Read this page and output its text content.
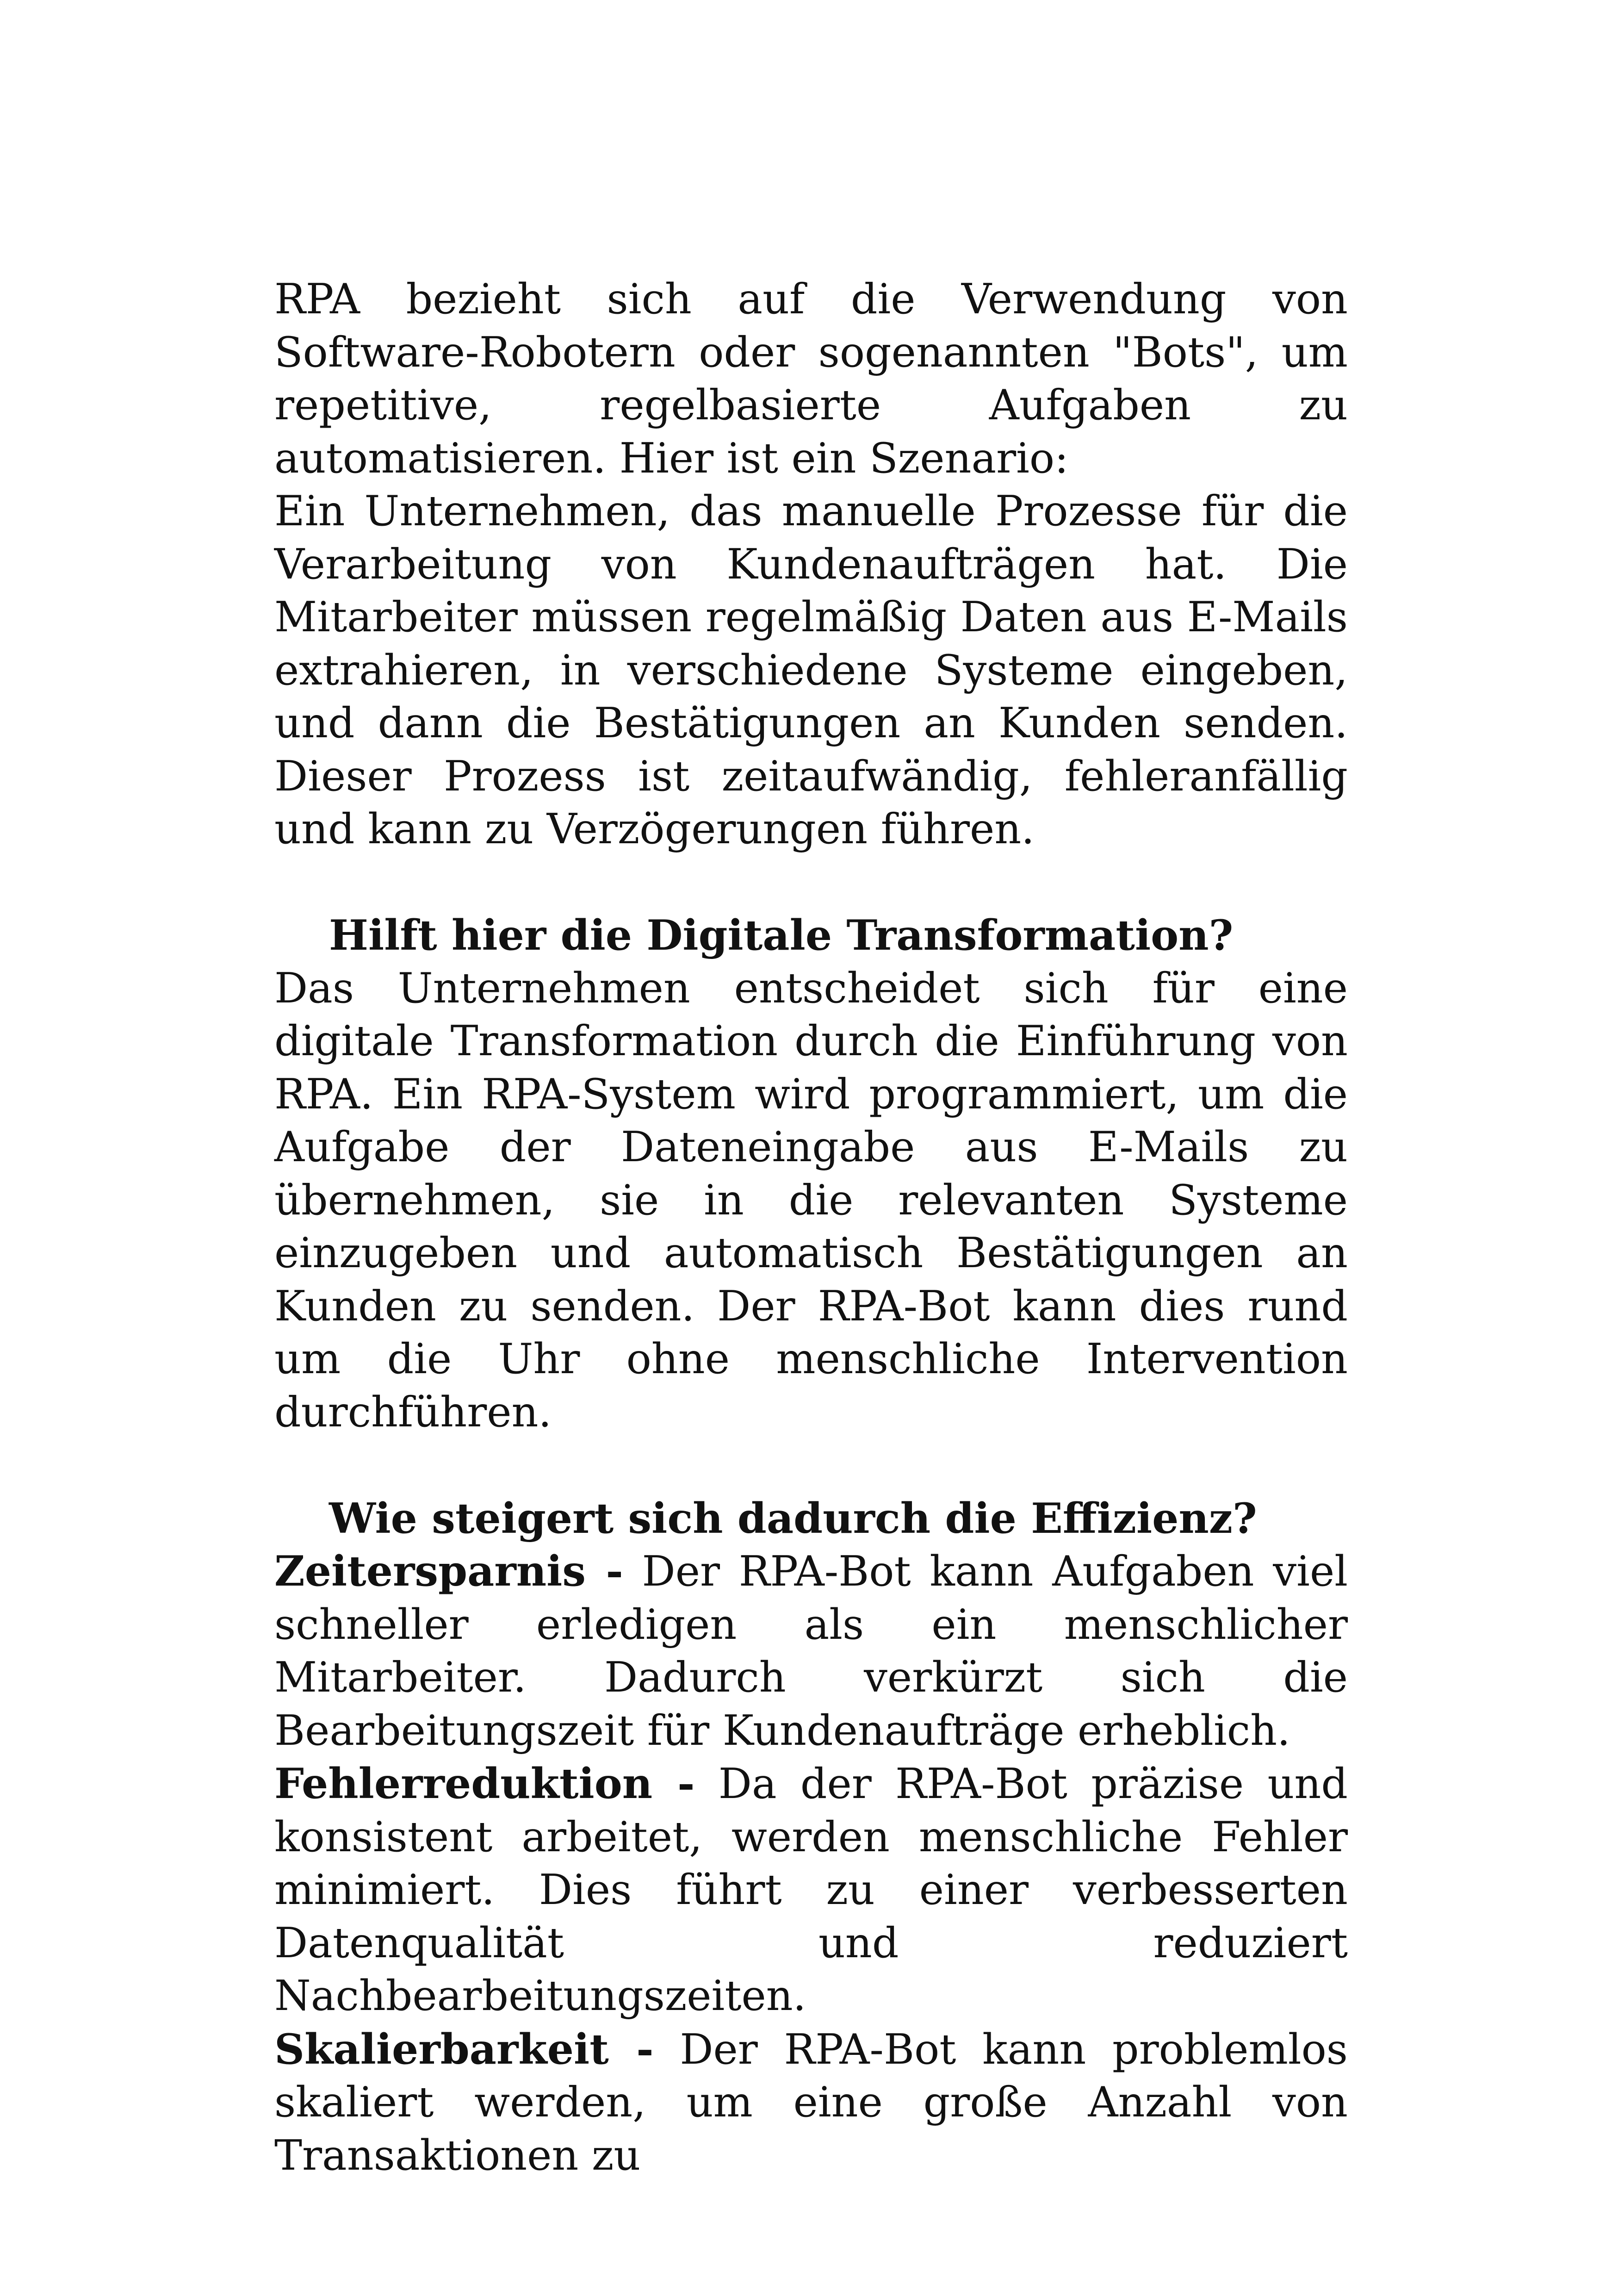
RPA bezieht sich auf die Verwendung von Software-Robotern oder sogenannten "Bots", um repetitive, regelbasierte Aufgaben zu automatisieren. Hier ist ein Szenario:

Ein Unternehmen, das manuelle Prozesse für die Verarbeitung von Kundenaufträgen hat. Die Mitarbeiter müssen regelmäßig Daten aus E-Mails extrahieren, in verschiedene Systeme eingeben, und dann die Bestätigungen an Kunden senden. Dieser Prozess ist zeitaufwändig, fehleranfällig und kann zu Verzögerungen führen.

Hilft hier die Digitale Transformation?

Das Unternehmen entscheidet sich für eine digitale Transformation durch die Einführung von RPA. Ein RPA-System wird programmiert, um die Aufgabe der Dateneingabe aus E-Mails zu übernehmen, sie in die relevanten Systeme einzugeben und automatisch Bestätigungen an Kunden zu senden. Der RPA-Bot kann dies rund um die Uhr ohne menschliche Intervention durchführen.

Wie steigert sich dadurch die Effizienz?

Zeitersparnis - Der RPA-Bot kann Aufgaben viel schneller erledigen als ein menschlicher Mitarbeiter. Dadurch verkürzt sich die Bearbeitungszeit für Kundenaufträge erheblich.

Fehlerreduktion - Da der RPA-Bot präzise und konsistent arbeitet, werden menschliche Fehler minimiert. Dies führt zu einer verbesserten Datenqualität und reduziert Nachbearbeitungszeiten.

Skalierbarkeit - Der RPA-Bot kann problemlos skaliert werden, um eine große Anzahl von Transaktionen zu
